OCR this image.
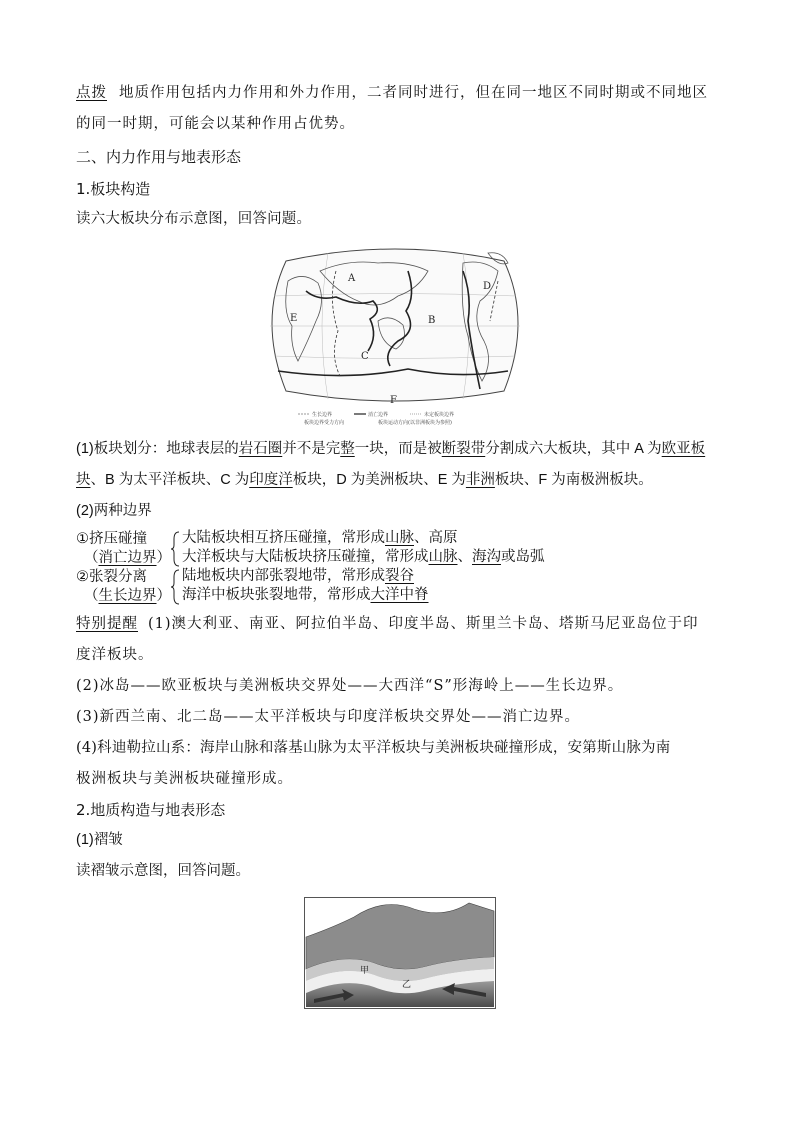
点拨 地质作用包括内力作用和外力作用，二者同时进行，但在同一地区不同时期或不同地区

的同一时期，可能会以某种作用占优势。

二、内力作用与地表形态

1.板块构造

读六大板块分布示意图，回答问题。

A
B
C
D
E
F
生长边界	消亡边界	未定板块边界
板块边界受力方向	板块运动方向(以非洲板块为参照)

(1)板块划分：地球表层的岩石圈并不是完整一块，而是被断裂带分割成六大板块，其中 A 为欧亚板块、B 为太平洋板块、C 为印度洋板块，D 为美洲板块、E 为非洲板块、F 为南极洲板块。

(2)两种边界

①挤压碰撞
（消亡边界）
大陆板块相互挤压碰撞，常形成山脉、高原
大洋板块与大陆板块挤压碰撞，常形成山脉、海沟或岛弧
②张裂分离
（生长边界）
陆地板块内部张裂地带，常形成裂谷
海洋中板块张裂地带，常形成大洋中脊

特别提醒 (1)澳大利亚、南亚、阿拉伯半岛、印度半岛、斯里兰卡岛、塔斯马尼亚岛位于印

度洋板块。

(2)冰岛——欧亚板块与美洲板块交界处——大西洋“S”形海岭上——生长边界。

(3)新西兰南、北二岛——太平洋板块与印度洋板块交界处——消亡边界。

(4)科迪勒拉山系：海岸山脉和落基山脉为太平洋板块与美洲板块碰撞形成，安第斯山脉为南

极洲板块与美洲板块碰撞形成。

2.地质构造与地表形态

(1)褶皱

读褶皱示意图，回答问题。

甲
乙
